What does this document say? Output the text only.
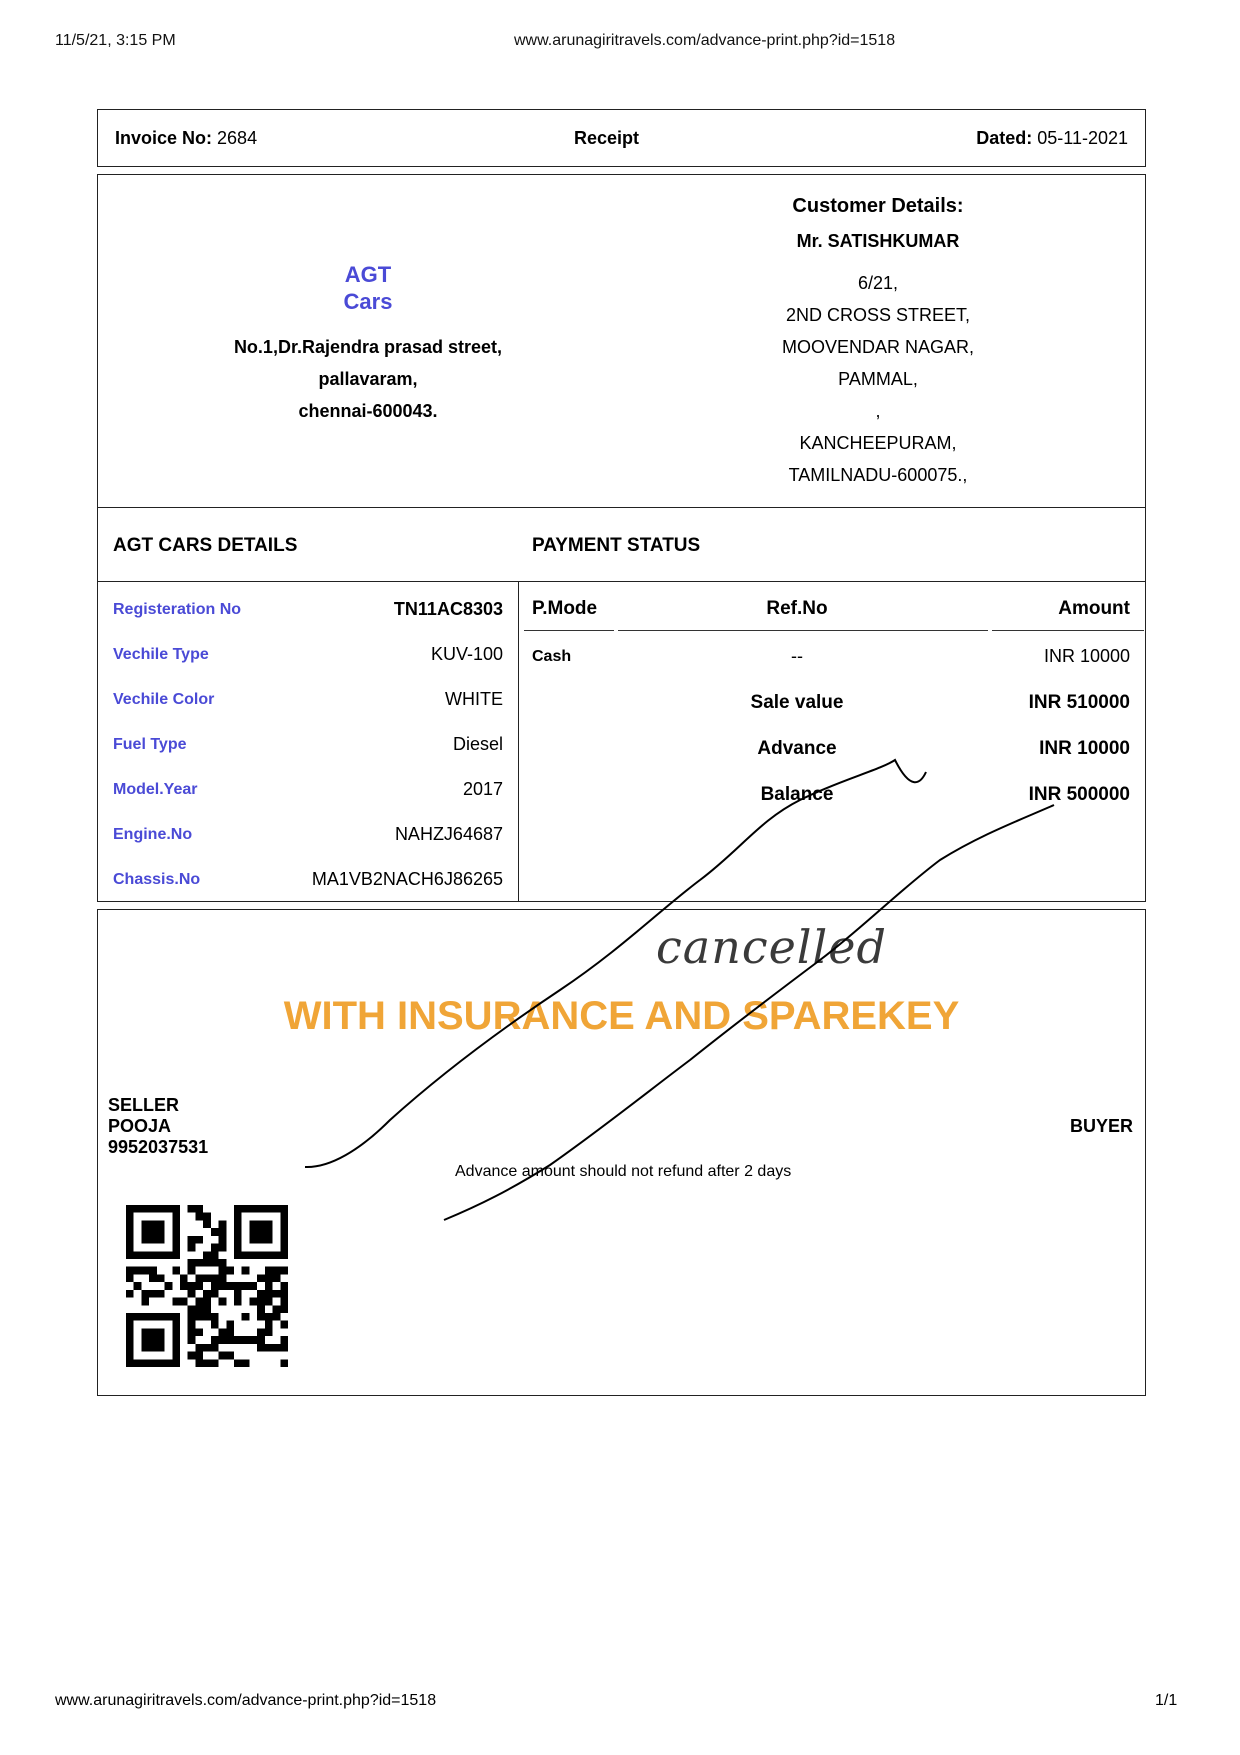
11/5/21, 3:15 PM	www.arunagiritravels.com/advance-print.php?id=1518
Invoice No: 2684	Receipt	Dated: 05-11-2021
AGT
Cars
No.1,Dr.Rajendra prasad street,
pallavaram,
chennai-600043.
Customer Details:
Mr. SATISHKUMAR
6/21,
2ND CROSS STREET,
MOOVENDAR NAGAR,
PAMMAL,
,
KANCHEEPURAM,
TAMILNADU-600075.,
AGT CARS DETAILS	PAYMENT STATUS
Registeration No	TN11AC8303
Vechile Type	KUV-100
Vechile Color	WHITE
Fuel Type	Diesel
Model.Year	2017
Engine.No	NAHZJ64687
Chassis.No	MA1VB2NACH6J86265
P.Mode	Ref.No	Amount
Cash	--	INR 10000
Sale value	INR 510000
Advance	INR 10000
Balance	INR 500000
cancelled
WITH INSURANCE AND SPAREKEY
SELLER
POOJA
9952037531
BUYER
Advance amount should not refund after 2 days
www.arunagiritravels.com/advance-print.php?id=1518	1/1
